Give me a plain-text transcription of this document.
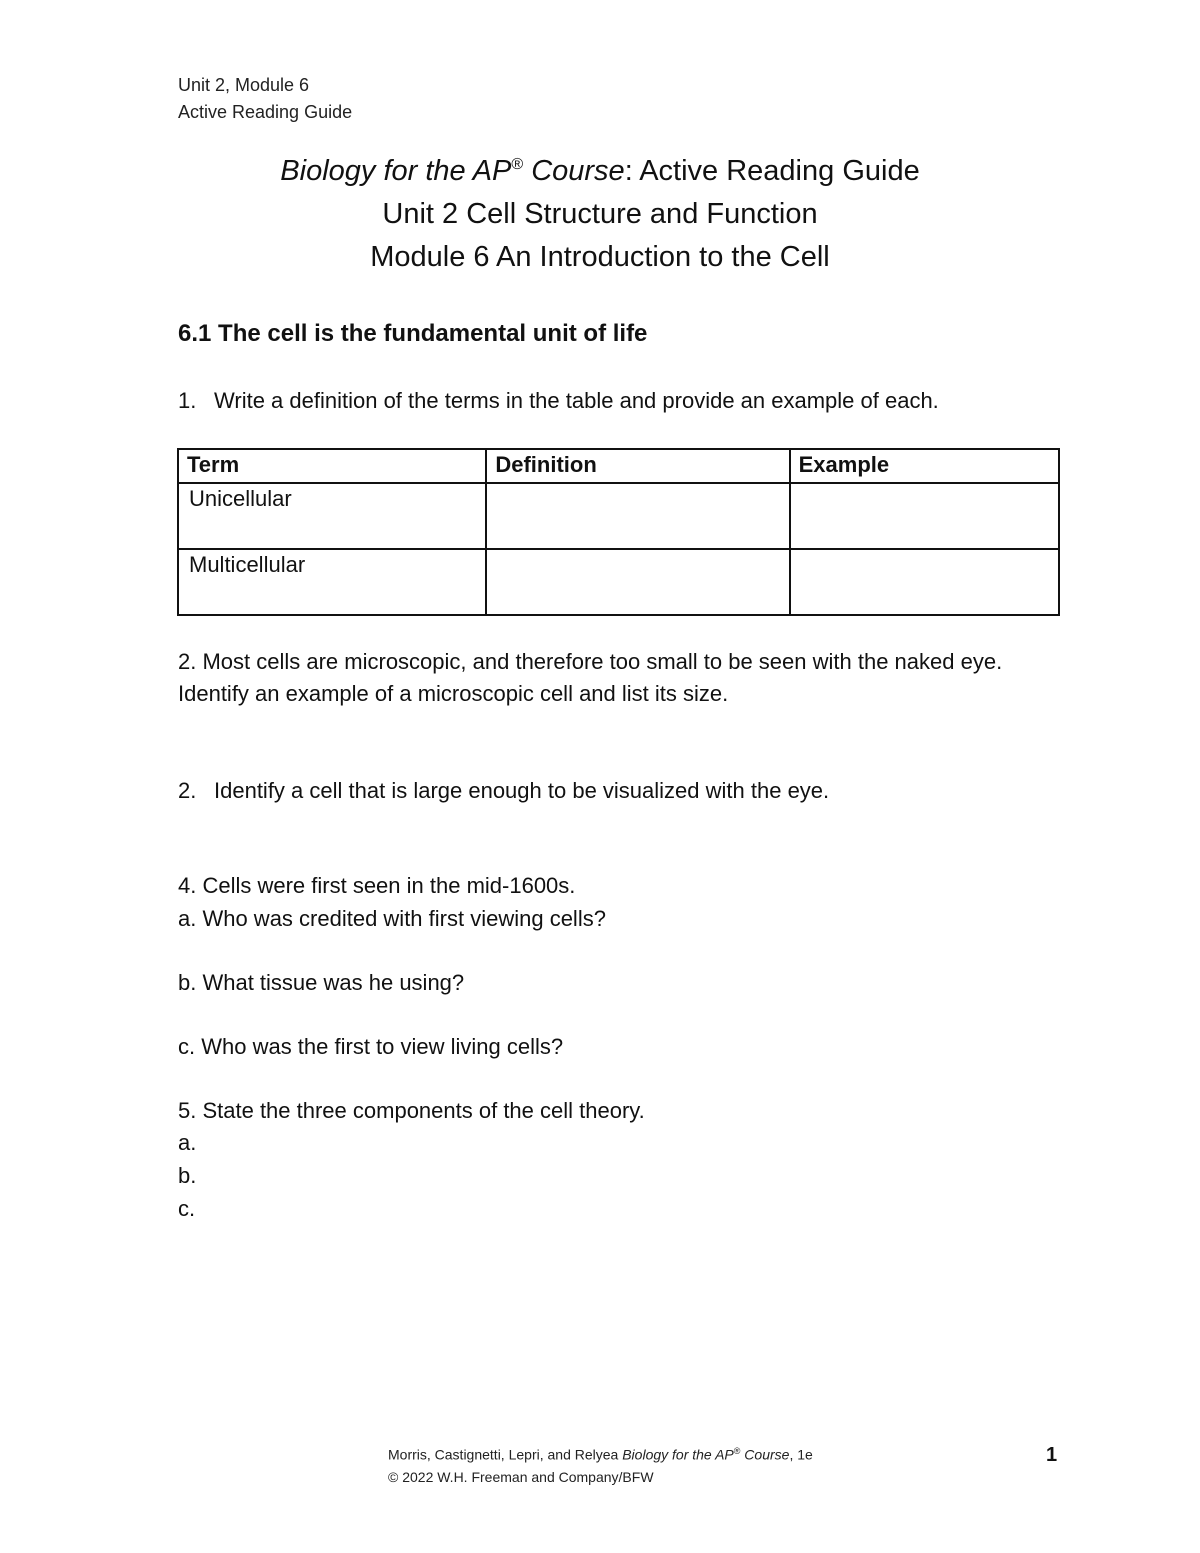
Unit 2, Module 6
Active Reading Guide
Biology for the AP® Course: Active Reading Guide
Unit 2 Cell Structure and Function
Module 6 An Introduction to the Cell
6.1 The cell is the fundamental unit of life
1. Write a definition of the terms in the table and provide an example of each.
Term	Definition	Example
Unicellular		
Multicellular		
2. Most cells are microscopic, and therefore too small to be seen with the naked eye. Identify an example of a microscopic cell and list its size.
2. Identify a cell that is large enough to be visualized with the eye.
4. Cells were first seen in the mid-1600s.
a. Who was credited with first viewing cells?
b. What tissue was he using?
c. Who was the first to view living cells?
5. State the three components of the cell theory.
a.
b.
c.
Morris, Castignetti, Lepri, and Relyea Biology for the AP® Course, 1e
© 2022 W.H. Freeman and Company/BFW
1
